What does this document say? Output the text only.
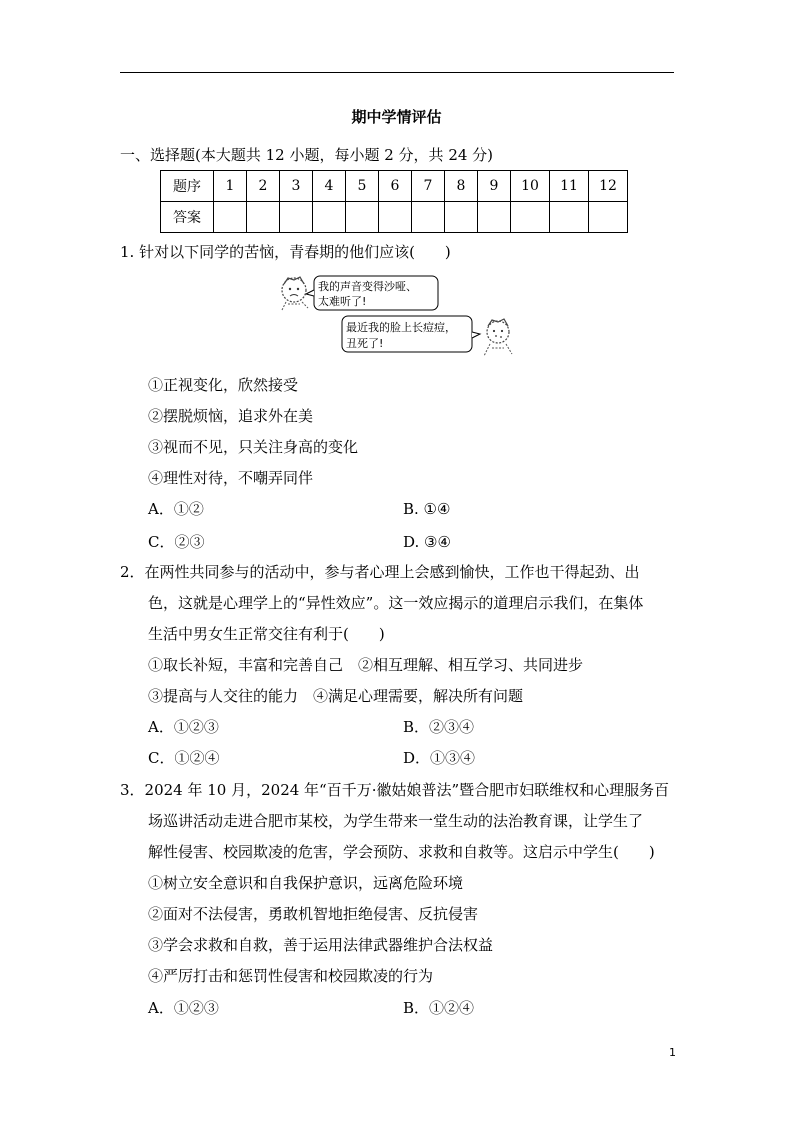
期中学情评估
一、选择题(本大题共 12 小题，每小题 2 分，共 24 分)
题序	1	2	3	4	5	6	7	8	9	10	11	12
答案												
1. 针对以下同学的苦恼，青春期的他们应该(　　)
我的声音变得沙哑、
太难听了!
最近我的脸上长痘痘，
丑死了!
①正视变化，欣然接受
②摆脱烦恼，追求外在美
③视而不见，只关注身高的变化
④理性对待，不嘲弄同伴
A．①②	B. ①④
C．②③	D. ③④
2．在两性共同参与的活动中，参与者心理上会感到愉快，工作也干得起劲、出
色，这就是心理学上的“异性效应”。这一效应揭示的道理启示我们，在集体
生活中男女生正常交往有利于(　　)
①取长补短，丰富和完善自己　②相互理解、相互学习、共同进步
③提高与人交往的能力　④满足心理需要，解决所有问题
A．①②③	B．②③④
C．①②④	D．①③④
3．2024 年 10 月，2024 年“百千万·徽姑娘普法”暨合肥市妇联维权和心理服务百
场巡讲活动走进合肥市某校，为学生带来一堂生动的法治教育课，让学生了
解性侵害、校园欺凌的危害，学会预防、求救和自救等。这启示中学生(　　)
①树立安全意识和自我保护意识，远离危险环境
②面对不法侵害，勇敢机智地拒绝侵害、反抗侵害
③学会求救和自救，善于运用法律武器维护合法权益
④严厉打击和惩罚性侵害和校园欺凌的行为
A．①②③	B．①②④
1
